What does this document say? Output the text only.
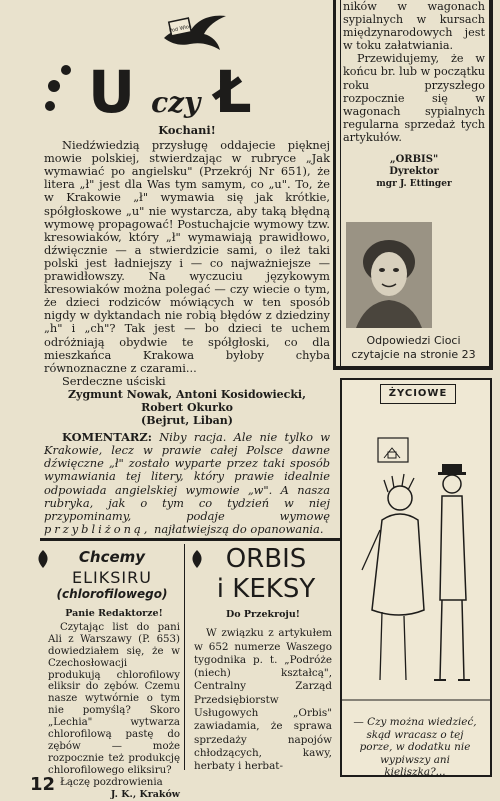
Pod Włos
U czy Ł

Kochani!

Niedźwiedzią przysługę oddajecie pięknej mowie polskiej, stwierdzając w rubryce „Jak wymawiać po angielsku" (Przekrój Nr 651), że litera „ł" jest dla Was tym samym, co „u". To, że w Krakowie „ł" wymawia się jak krótkie, spółgłoskowe „u" nie wystarcza, aby taką błędną wymowę propagować! Postuchajcie wymowy tzw. kresowiaków, który „ł" wymawiają prawidłowo, dźwięcznie — a stwierdzicie sami, o ileż taki polski jest ładniejszy i — co najważniejsze — prawidłowszy. Na wyczuciu językowym kresowiaków można polegać — czy wiecie o tym, że dzieci rodziców mówiących w ten sposób nigdy w dyktandach nie robią błędów z dziedziny „h" i „ch"? Tak jest — bo dzieci te uchem odróżniają obydwie te spółgłoski, co dla mieszkańca Krakowa byłoby chyba równoznaczne z czarami...

Serdeczne uściski

Zygmunt Nowak, Antoni Kosidowiecki,

Robert Okurko

(Bejrut, Liban)

KOMENTARZ: Niby racja. Ale nie tylko w Krakowie, lecz w prawie całej Polsce dawne dźwięczne „ł" zostało wyparte przez taki sposób wymawiania tej litery, który prawie idealnie odpowiada angielskiej wymowie „w". A nasza rubryka, jak o tym co tydzień w niej przypominamy, podaje wymowę przybliżoną, najłatwiejszą do opanowania.

ników w wagonach sypialnych w kursach międzynarodowych jest w toku załatwiania.

Przewidujemy, że w końcu br. lub w początku roku przyszłego rozpocznie się w wagonach sypialnych regularna sprzedaż tych artykułów.

„ORBIS"
Dyrektor
mgr J. Ettinger
Odpowiedzi Cioci czytajcie na stronie 23
ŻYCIOWE
— Czy można wiedzieć, skąd wracasz o tej porze, w dodatku nie wypiwszy ani kieliszka?...
Chcemy
ELIKSIRU
(chlorofilowego)

Panie Redaktorze!

Czytając list do pani Ali z Warszawy (P. 653) dowiedziałem się, że w Czechosłowacji produkują chlorofilowy eliksir do zębów. Czemu nasze wytwórnie o tym nie pomyślą? Skoro „Lechia" wytwarza chlorofilową pastę do zębów — może rozpocznie też produkcję chlorofilowego eliksiru?

Łączę pozdrowienia

J. K., Kraków

ORBIS
i KEKSY

Do Przekroju!

W związku z artykułem w 652 numerze Waszego tygodnika p. t. „Podróże (niech) kształcą", Centralny Zarząd Przedsiębiorstw Usługowych „Orbis" zawiadamia, że sprawa sprzedaży napojów chłodzących, kawy, herbaty i herbat-

12
